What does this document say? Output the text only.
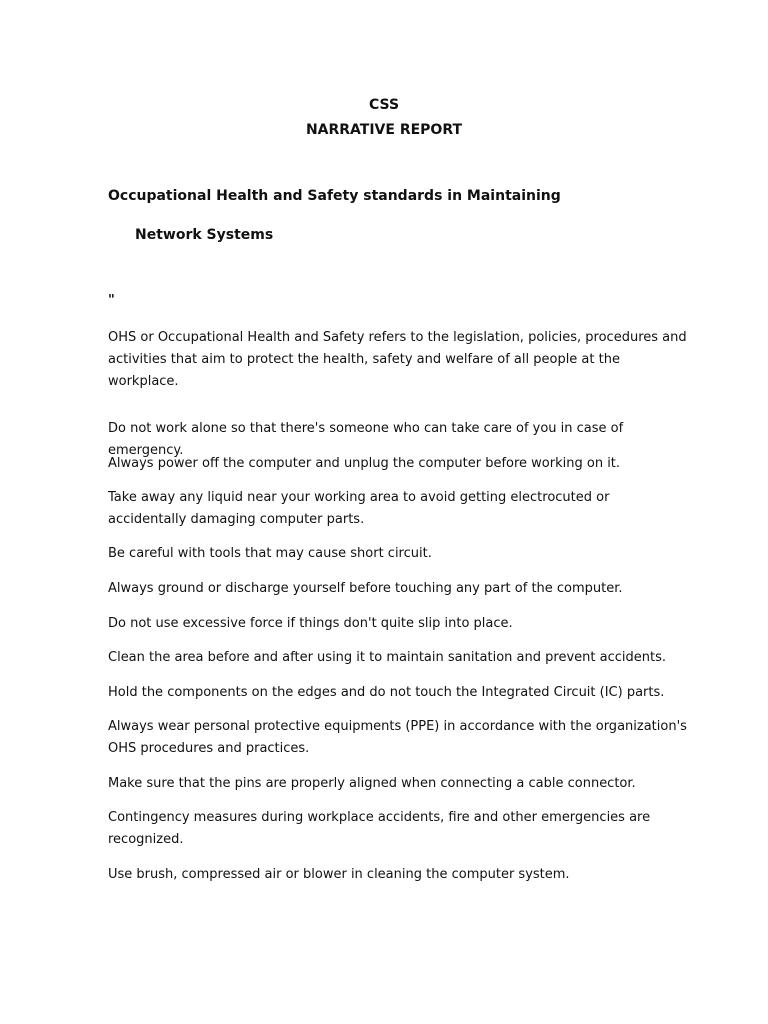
CSS
NARRATIVE REPORT
Occupational Health and Safety standards in Maintaining
Network Systems
"

OHS or Occupational Health and Safety refers to the legislation, policies, procedures and activities that aim to protect the health, safety and welfare of all people at the workplace.

Do not work alone so that there's someone who can take care of you in case of emergency.

Always power off the computer and unplug the computer before working on it.

Take away any liquid near your working area to avoid getting electrocuted or accidentally damaging computer parts.

Be careful with tools that may cause short circuit.

Always ground or discharge yourself before touching any part of the computer.

Do not use excessive force if things don't quite slip into place.

Clean the area before and after using it to maintain sanitation and prevent accidents.

Hold the components on the edges and do not touch the Integrated Circuit (IC) parts.

Always wear personal protective equipments (PPE) in accordance with the organization's OHS procedures and practices.

Make sure that the pins are properly aligned when connecting a cable connector.

Contingency measures during workplace accidents, fire and other emergencies are recognized.

Use brush, compressed air or blower in cleaning the computer system.
